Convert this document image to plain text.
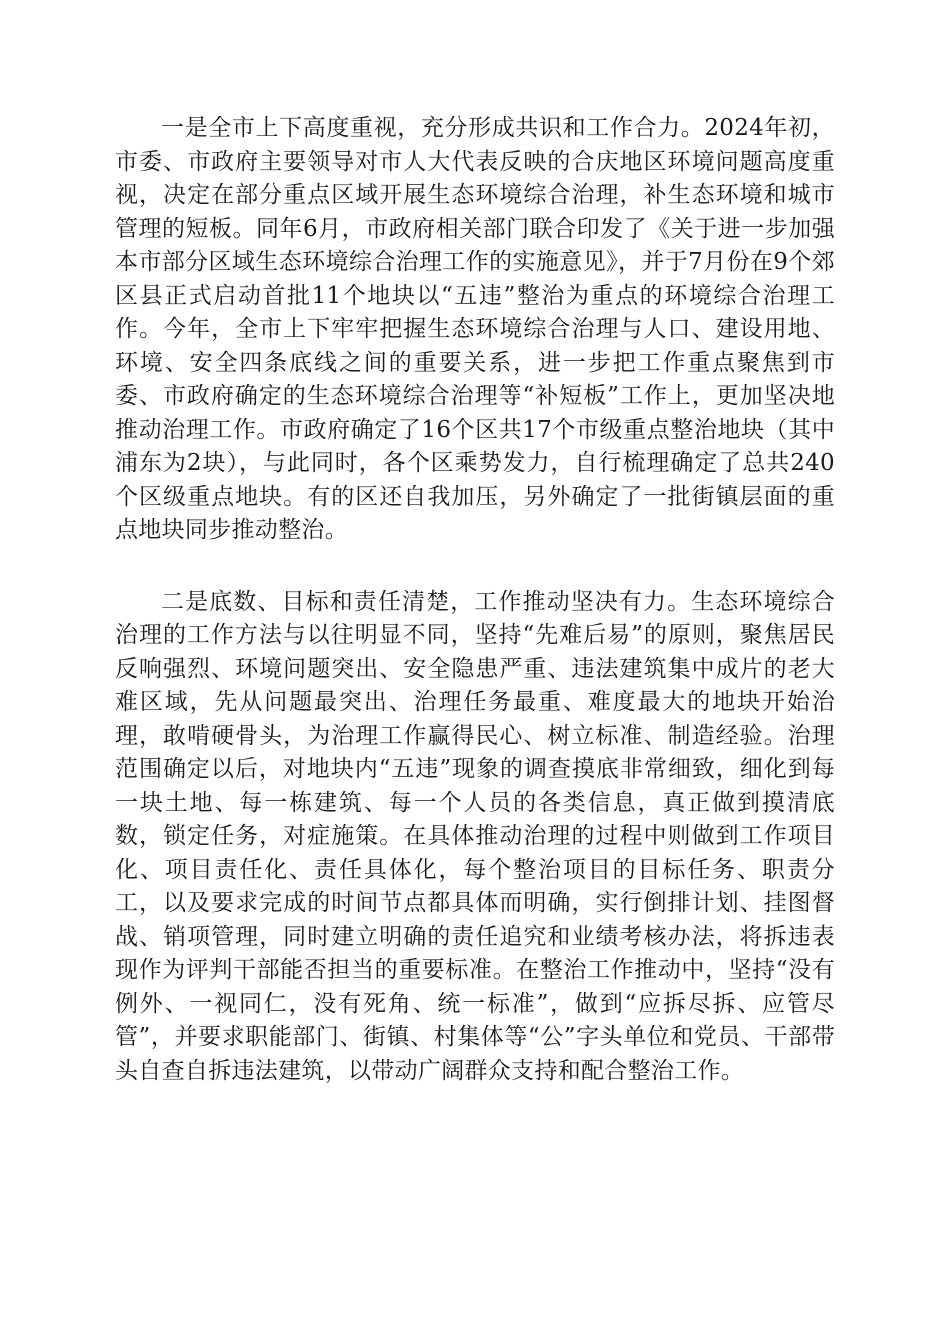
一是全市上下高度重视，充分形成共识和工作合力。2024年初，市委、市政府主要领导对市人大代表反映的合庆地区环境问题高度重视，决定在部分重点区域开展生态环境综合治理，补生态环境和城市管理的短板。同年6月，市政府相关部门联合印发了《关于进一步加强本市部分区域生态环境综合治理工作的实施意见》，并于7月份在9个郊区县正式启动首批11个地块以“五违”整治为重点的环境综合治理工作。今年，全市上下牢牢把握生态环境综合治理与人口、建设用地、环境、安全四条底线之间的重要关系，进一步把工作重点聚焦到市委、市政府确定的生态环境综合治理等“补短板”工作上，更加坚决地推动治理工作。市政府确定了16个区共17个市级重点整治地块（其中浦东为2块），与此同时，各个区乘势发力，自行梳理确定了总共240个区级重点地块。有的区还自我加压，另外确定了一批街镇层面的重点地块同步推动整治。

二是底数、目标和责任清楚，工作推动坚决有力。生态环境综合治理的工作方法与以往明显不同，坚持“先难后易”的原则，聚焦居民反响强烈、环境问题突出、安全隐患严重、违法建筑集中成片的老大难区域，先从问题最突出、治理任务最重、难度最大的地块开始治理，敢啃硬骨头，为治理工作赢得民心、树立标准、制造经验。治理范围确定以后，对地块内“五违”现象的调查摸底非常细致，细化到每一块土地、每一栋建筑、每一个人员的各类信息，真正做到摸清底数，锁定任务，对症施策。在具体推动治理的过程中则做到工作项目化、项目责任化、责任具体化，每个整治项目的目标任务、职责分工，以及要求完成的时间节点都具体而明确，实行倒排计划、挂图督战、销项管理，同时建立明确的责任追究和业绩考核办法，将拆违表现作为评判干部能否担当的重要标准。在整治工作推动中，坚持“没有例外、一视同仁，没有死角、统一标准”，做到“应拆尽拆、应管尽管”，并要求职能部门、街镇、村集体等“公”字头单位和党员、干部带头自查自拆违法建筑，以带动广阔群众支持和配合整治工作。
